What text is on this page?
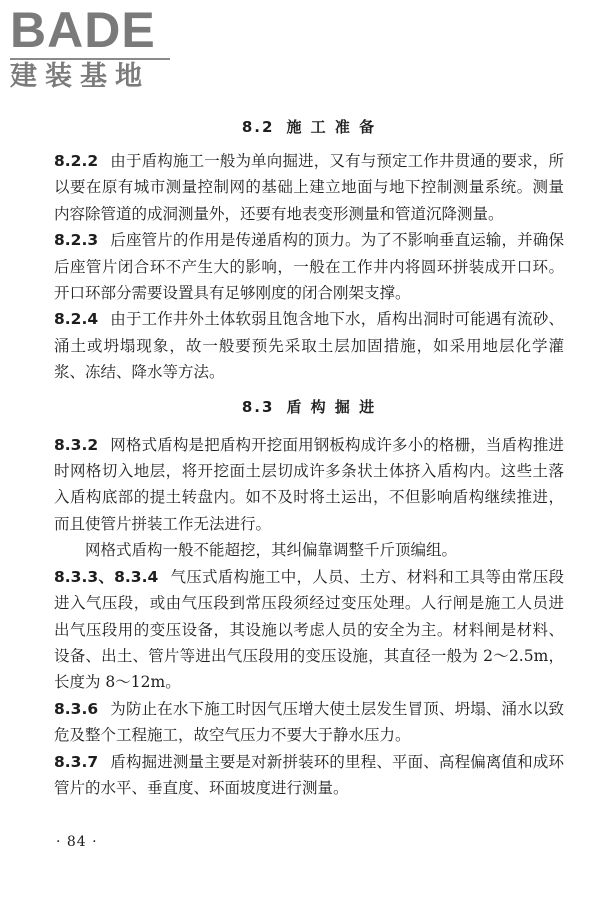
BADE
建装基地
8.2 施 工 准 备

8.2.2 由于盾构施工一般为单向掘进，又有与预定工作井贯通的要求，所以要在原有城市测量控制网的基础上建立地面与地下控制测量系统。测量内容除管道的成洞测量外，还要有地表变形测量和管道沉降测量。

8.2.3 后座管片的作用是传递盾构的顶力。为了不影响垂直运输，并确保后座管片闭合环不产生大的影响，一般在工作井内将圆环拼装成开口环。开口环部分需要设置具有足够刚度的闭合刚架支撑。

8.2.4 由于工作井外土体软弱且饱含地下水，盾构出洞时可能遇有流砂、涌土或坍塌现象，故一般要预先采取土层加固措施，如采用地层化学灌浆、冻结、降水等方法。

8.3 盾 构 掘 进

8.3.2 网格式盾构是把盾构开挖面用钢板构成许多小的格栅，当盾构推进时网格切入地层，将开挖面土层切成许多条状土体挤入盾构内。这些土落入盾构底部的提土转盘内。如不及时将土运出，不但影响盾构继续推进，而且使管片拼装工作无法进行。

网格式盾构一般不能超挖，其纠偏靠调整千斤顶编组。

8.3.3、8.3.4 气压式盾构施工中，人员、土方、材料和工具等由常压段进入气压段，或由气压段到常压段须经过变压处理。人行闸是施工人员进出气压段用的变压设备，其设施以考虑人员的安全为主。材料闸是材料、设备、出土、管片等进出气压段用的变压设施，其直径一般为 2～2.5m，长度为 8～12m。

8.3.6 为防止在水下施工时因气压增大使土层发生冒顶、坍塌、涌水以致危及整个工程施工，故空气压力不要大于静水压力。

8.3.7 盾构掘进测量主要是对新拼装环的里程、平面、高程偏离值和成环管片的水平、垂直度、环面坡度进行测量。

· 84 ·
